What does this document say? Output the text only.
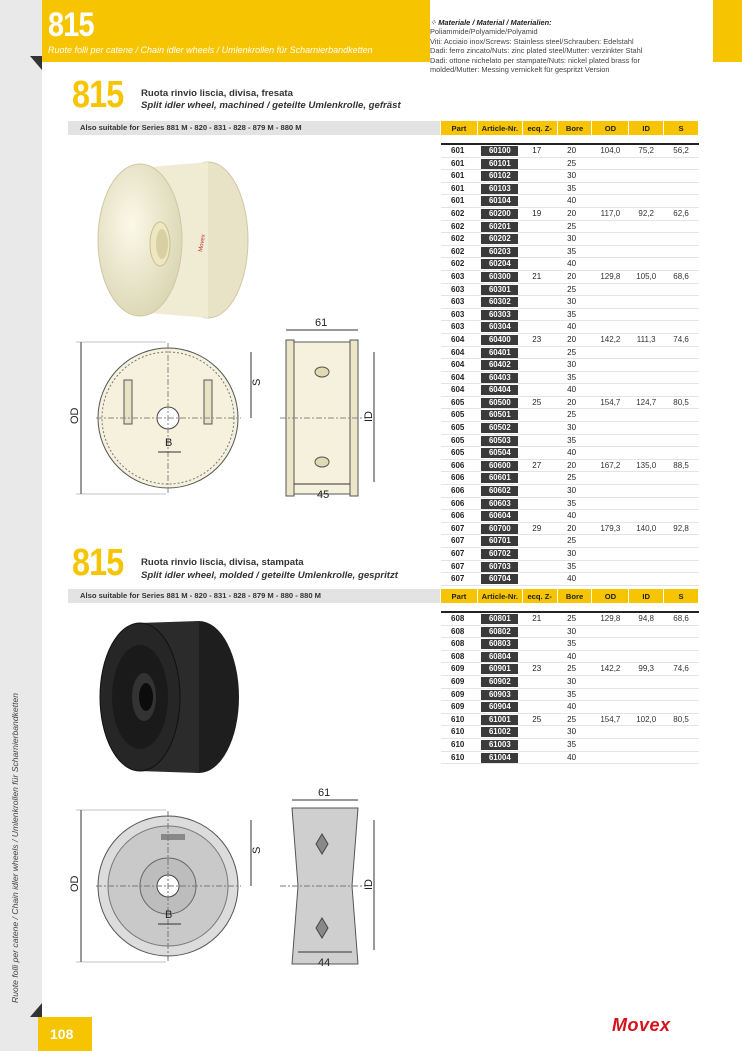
815
Ruote folli per catene / Chain idler wheels / Umlenkrollen für Scharnierbandketten
⁘ Materiale / Material / Materialien:
Poliammide/Polyamide/Polyamid
Viti: Acciaio inox/Screws: Stainless steel/Schrauben: Edelstahl
Dadi: ferro zincato/Nuts: zinc plated steel/Mutter: verzinkter Stahl
Dadi: ottone nichelato per stampate/Nuts: nickel plated brass for
molded/Mutter: Messing vernickelt für gespritzt Version
Ruote folli per catene / Chain idler wheels / Umlenkrollen für Scharnierbandketten
815 Ruota rinvio liscia, divisa, fresata
Split idler wheel, machined / geteilte Umlenkrolle, gefräst
Also suitable for Series 881 M - 820 - 831 - 828 - 879 M - 880 M	Part	Article-Nr.	ecq. Z-	Bore	OD	ID	S

601	60100	17	20	104,0	75,2	56,2
601	60101		25			
601	60102		30			
601	60103		35			
601	60104		40			
602	60200	19	20	117,0	92,2	62,6
602	60201		25			
602	60202		30			
602	60203		35			
602	60204		40			
603	60300	21	20	129,8	105,0	68,6
603	60301		25			
603	60302		30			
603	60303		35			
603	60304		40			
604	60400	23	20	142,2	111,3	74,6
604	60401		25			
604	60402		30			
604	60403		35			
604	60404		40			
605	60500	25	20	154,7	124,7	80,5
605	60501		25			
605	60502		30			
605	60503		35			
605	60504		40			
606	60600	27	20	167,2	135,0	88,5
606	60601		25			
606	60602		30			
606	60603		35			
606	60604		40			
607	60700	29	20	179,3	140,0	92,8
607	60701		25			
607	60702		30			
607	60703		35			
607	60704		40			
Movex
OD
S
B
61
45
ID
815 Ruota rinvio liscia, divisa, stampata
Split idler wheel, molded / geteilte Umlenkrolle, gespritzt
Also suitable for Series 881 M - 820 - 831 - 828 - 879 M - 880 - 880 M	Part	Article-Nr.	ecq. Z-	Bore	OD	ID	S

608	60801	21	25	129,8	94,8	68,6
608	60802		30			
608	60803		35			
608	60804		40			
609	60901	23	25	142,2	99,3	74,6
609	60902		30			
609	60903		35			
609	60904		40			
610	61001	25	25	154,7	102,0	80,5
610	61002		30			
610	61003		35			
610	61004		40			
OD
S
B
61
44
ID
108	Movex
